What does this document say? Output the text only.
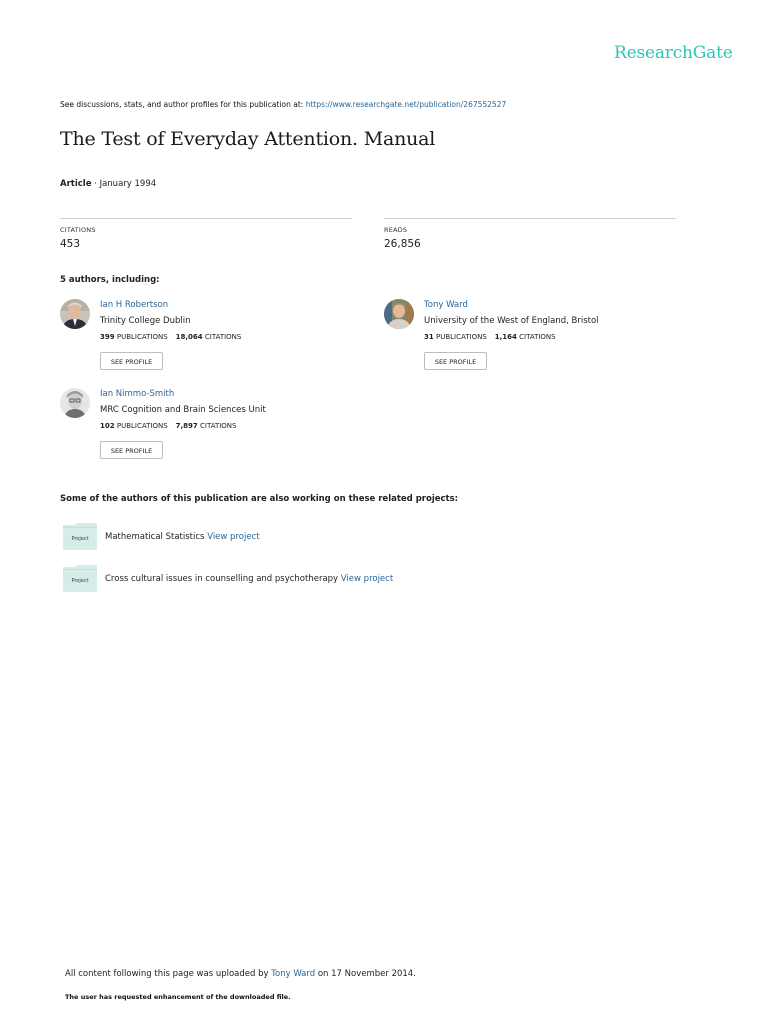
ResearchGate
See discussions, stats, and author profiles for this publication at: https://www.researchgate.net/publication/267552527
The Test of Everyday Attention. Manual
Article · January 1994
CITATIONS
453
READS
26,856
5 authors, including:
Ian H Robertson
Trinity College Dublin
399 PUBLICATIONS 18,064 CITATIONS
SEE PROFILE
Tony Ward
University of the West of England, Bristol
31 PUBLICATIONS 1,164 CITATIONS
SEE PROFILE
Ian Nimmo-Smith
MRC Cognition and Brain Sciences Unit
102 PUBLICATIONS 7,897 CITATIONS
SEE PROFILE
Some of the authors of this publication are also working on these related projects:
Project Mathematical Statistics View project
Project Cross cultural issues in counselling and psychotherapy View project
All content following this page was uploaded by Tony Ward on 17 November 2014.
The user has requested enhancement of the downloaded file.
